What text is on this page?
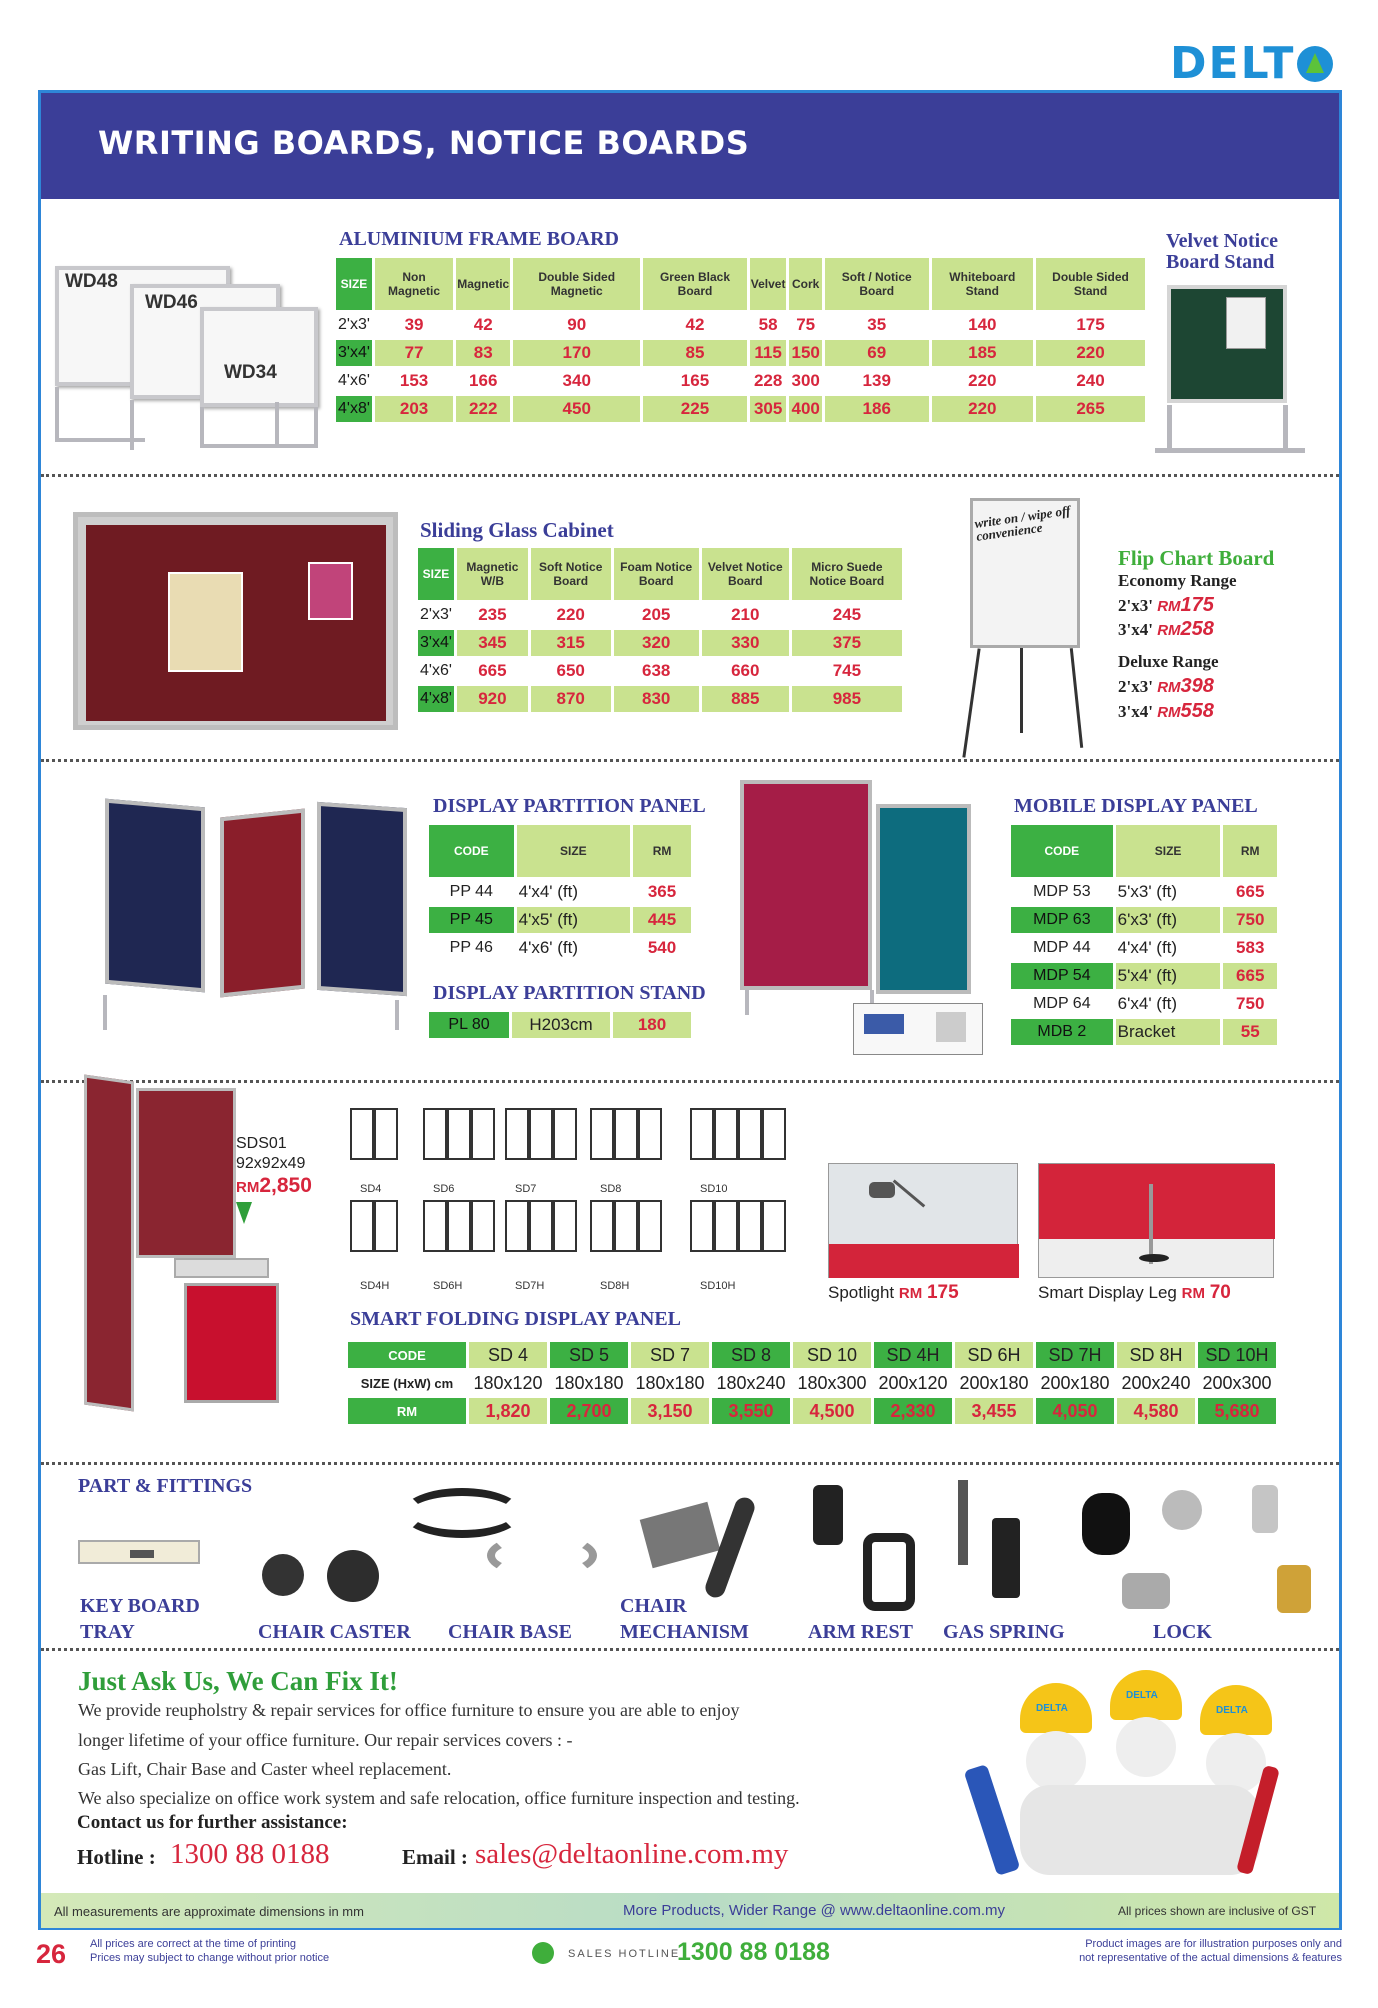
DELT
WRITING BOARDS, NOTICE BOARDS
WD48
WD46
WD34
ALUMINIUM FRAME BOARD
SIZE	Non Magnetic	Magnetic	Double Sided Magnetic	Green Black Board	Velvet	Cork	Soft / Notice Board	Whiteboard Stand	Double Sided Stand
2'x3'	39	42	90	42	58	75	35	140	175
3'x4'	77	83	170	85	115	150	69	185	220
4'x6'	153	166	340	165	228	300	139	220	240
4'x8'	203	222	450	225	305	400	186	220	265
Velvet Notice
Board Stand
Sliding Glass Cabinet
SIZE	Magnetic W/B	Soft Notice Board	Foam Notice Board	Velvet Notice Board	Micro Suede Notice Board
2'x3'	235	220	205	210	245
3'x4'	345	315	320	330	375
4'x6'	665	650	638	660	745
4'x8'	920	870	830	885	985
write on / wipe off convenience
Flip Chart Board
Economy Range
2'x3' RM175
3'x4' RM258
Deluxe Range
2'x3' RM398
3'x4' RM558
DISPLAY PARTITION PANEL
CODE	SIZE	RM
PP 44	4'x4' (ft)	365
PP 45	4'x5' (ft)	445
PP 46	4'x6' (ft)	540
DISPLAY PARTITION STAND
PL 80	H203cm	180
MOBILE DISPLAY PANEL
CODE	SIZE	RM
MDP 53	5'x3' (ft)	665
MDP 63	6'x3' (ft)	750
MDP 44	4'x4' (ft)	583
MDP 54	5'x4' (ft)	665
MDP 64	6'x4' (ft)	750
MDB 2	Bracket	55
SDS01
92x92x49
RM2,850	SD4	SD6	SD7	SD8	SD10
SD4H	SD6H	SD7H	SD8H	SD10H	Spotlight RM 175	Smart Display Leg RM 70
SMART FOLDING DISPLAY PANEL
CODE	SD 4	SD 5	SD 7	SD 8	SD 10	SD 4H	SD 6H	SD 7H	SD 8H	SD 10H
SIZE (HxW) cm	180x120	180x180	180x180	180x240	180x300	200x120	200x180	200x180	200x240	200x300
RM	1,820	2,700	3,150	3,550	4,500	2,330	3,455	4,050	4,580	5,680
PART & FITTINGS
KEY BOARD
TRAY	CHAIR CASTER CHAIR BASE
CHAIR
MECHANISM	ARM REST GAS SPRING	LOCK
Just Ask Us, We Can Fix It!
We provide reupholstry & repair services for office furniture to ensure you are able to enjoy
longer lifetime of your office furniture. Our repair services covers : -
Gas Lift, Chair Base and Caster wheel replacement.
We also specialize on office work system and safe relocation, office furniture inspection and testing.
Contact us for further assistance:
Hotline : 1300 88 0188	Email : sales@deltaonline.com.my
DELTA
DELTA
DELTA
All measurements are approximate dimensions in mm	More Products, Wider Range @ www.deltaonline.com.my	All prices shown are inclusive of GST
26 All prices are correct at the time of printing
Prices may subject to change without prior notice	SALES HOTLINE
1300 88 0188	Product images are for illustration purposes only and
not representative of the actual dimensions & features
